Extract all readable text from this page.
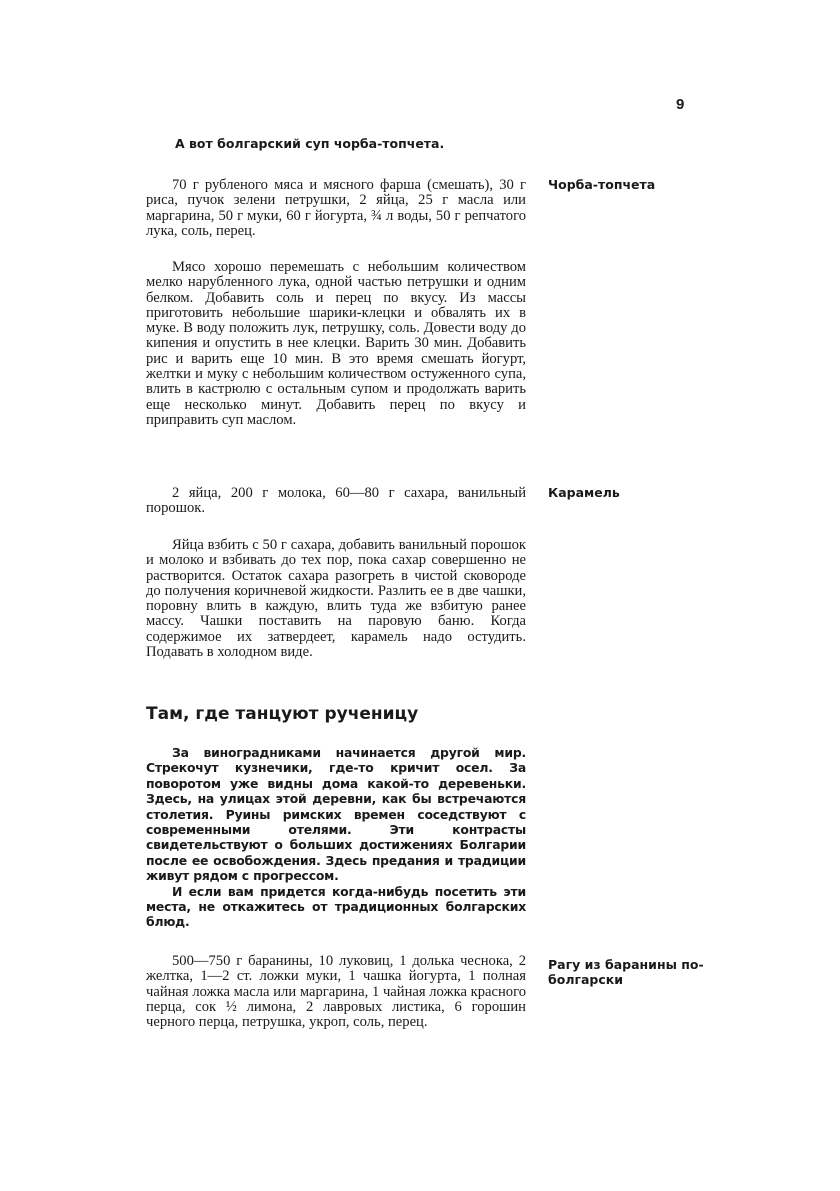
9
А вот болгарский суп чорба-топчета.
Чорба-топчета
70 г рубленого мяса и мясного фарша (смешать), 30 г риса, пучок зелени петрушки, 2 яйца, 25 г масла или маргарина, 50 г муки, 60 г йогурта, ¾ л воды, 50 г репчатого лука, соль, перец.
Мясо хорошо перемешать с небольшим количеством мелко нарубленного лука, одной частью петрушки и одним белком. Добавить соль и перец по вкусу. Из массы приготовить небольшие шарики-клецки и обвалять их в муке. В воду положить лук, петрушку, соль. Довести воду до кипения и опустить в нее клецки. Варить 30 мин. Добавить рис и варить еще 10 мин. В это время смешать йогурт, желтки и муку с небольшим количеством остуженного супа, влить в кастрюлю с остальным супом и продолжать варить еще несколько минут. Добавить перец по вкусу и приправить суп маслом.
Карамель
2 яйца, 200 г молока, 60—80 г сахара, ванильный порошок.
Яйца взбить с 50 г сахара, добавить ванильный порошок и молоко и взбивать до тех пор, пока сахар совершенно не растворится. Остаток сахара разогреть в чистой сковороде до получения коричневой жидкости. Разлить ее в две чашки, поровну влить в каждую, влить туда же взбитую ранее массу. Чашки поставить на паровую баню. Когда содержимое их затвердеет, карамель надо остудить. Подавать в холодном виде.
Там, где танцуют рученицу

За виноградниками начинается другой мир. Стрекочут кузнечики, где-то кричит осел. За поворотом уже видны дома какой-то деревеньки. Здесь, на улицах этой деревни, как бы встречаются столетия. Руины римских времен соседствуют с современными отелями. Эти контрасты свидетельствуют о больших достижениях Болгарии после ее освобождения. Здесь предания и традиции живут рядом с прогрессом.

И если вам придется когда-нибудь посетить эти места, не откажитесь от традиционных болгарских блюд.

Рагу из баранины по-болгарски
500—750 г баранины, 10 луковиц, 1 долька чеснока, 2 желтка, 1—2 ст. ложки муки, 1 чашка йогурта, 1 полная чайная ложка масла или маргарина, 1 чайная ложка красного перца, сок ½ лимона, 2 лавровых листика, 6 горошин черного перца, петрушка, укроп, соль, перец.
